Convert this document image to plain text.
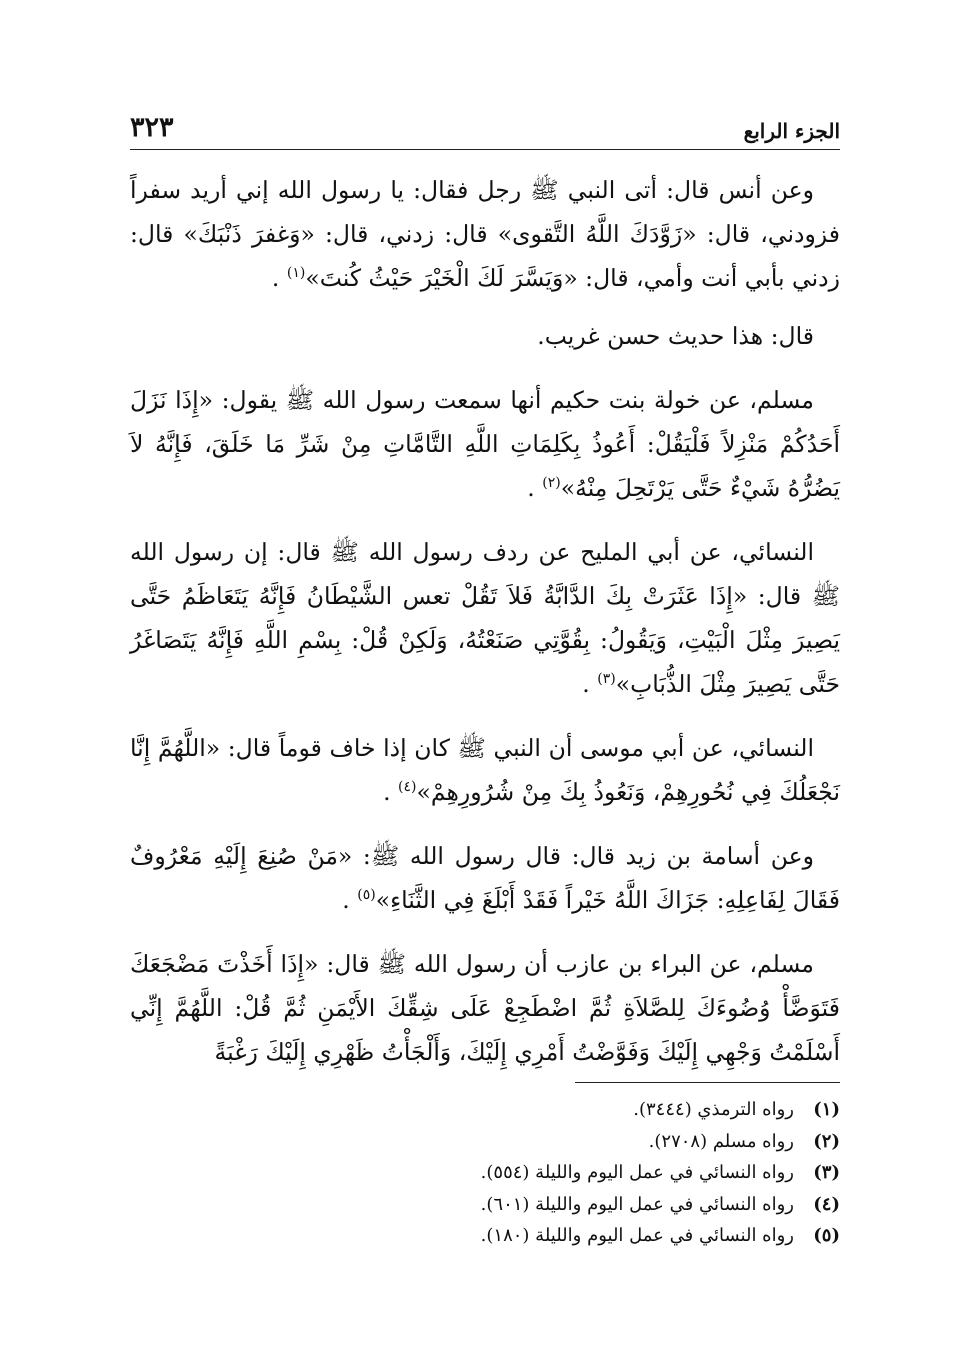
الجزء الرابع
٣٢٣

وعن أنس قال: أتى النبي ﷺ رجل فقال: يا رسول الله إني أريد سفراً فزودني، قال: «زَوَّدَكَ اللَّهُ التَّقوى» قال: زدني، قال: «وَغفرَ ذَنْبَكَ» قال: زدني بأبي أنت وأمي، قال: «وَيَسَّرَ لَكَ الْخَيْرَ حَيْثُ كُنتَ»$^{(١)}$ .

قال: هذا حديث حسن غريب.

مسلم، عن خولة بنت حكيم أنها سمعت رسول الله ﷺ يقول: «إِذَا نَزَلَ أَحَدُكُمْ مَنْزِلاً فَلْيَقُلْ: أَعُوذُ بِكَلِمَاتِ اللَّهِ التَّامَّاتِ مِنْ شَرِّ مَا خَلَقَ، فَإِنَّهُ لاَ يَضُرُّهُ شَيْءٌ حَتَّى يَرْتَحِلَ مِنْهُ»$^{(٢)}$ .

النسائي، عن أبي المليح عن ردف رسول الله ﷺ قال: إن رسول الله ﷺ قال: «إِذَا عَثَرَتْ بِكَ الدَّابَّةُ فَلاَ تَقُلْ تعس الشَّيْطَانُ فَإِنَّهُ يَتَعَاظَمُ حَتَّى يَصِيرَ مِثْلَ الْبَيْتِ، وَيَقُولُ: بِقُوَّتِي صَنَعْتُهُ، وَلَكِنْ قُلْ: بِسْمِ اللَّهِ فَإِنَّهُ يَتَصَاغَرُ حَتَّى يَصِيرَ مِثْلَ الذُّبَابِ»$^{(٣)}$ .

النسائي، عن أبي موسى أن النبي ﷺ كان إذا خاف قوماً قال: «اللَّهُمَّ إِنَّا نَجْعَلُكَ فِي نُحُورِهِمْ، وَنَعُوذُ بِكَ مِنْ شُرُورِهِمْ»$^{(٤)}$ .

وعن أسامة بن زيد قال: قال رسول الله ﷺ: «مَنْ صُنِعَ إِلَيْهِ مَعْرُوفٌ فَقَالَ لِفَاعِلِهِ: جَزَاكَ اللَّهُ خَيْراً فَقَدْ أَبْلَغَ فِي الثَّنَاءِ»$^{(٥)}$ .

مسلم، عن البراء بن عازب أن رسول الله ﷺ قال: «إِذَا أَخَذْتَ مَضْجَعَكَ فَتَوَضَّأْ وُضُوءَكَ لِلصَّلاَةِ ثُمَّ اضْطَجِعْ عَلَى شِقِّكَ الأَيْمَنِ ثُمَّ قُلْ: اللَّهُمَّ إِنِّي أَسْلَمْتُ وَجْهِي إِلَيْكَ وَفَوَّضْتُ أَمْرِي إِلَيْكَ، وَأَلْجَأْتُ ظَهْرِي إِلَيْكَ رَغْبَةً

(١)
رواه الترمذي (٣٤٤٤).
(٢)
رواه مسلم (٢٧٠٨).
(٣)
رواه النسائي في عمل اليوم والليلة (٥٥٤).
(٤)
رواه النسائي في عمل اليوم والليلة (٦٠١).
(٥)
رواه النسائي في عمل اليوم والليلة (١٨٠).
